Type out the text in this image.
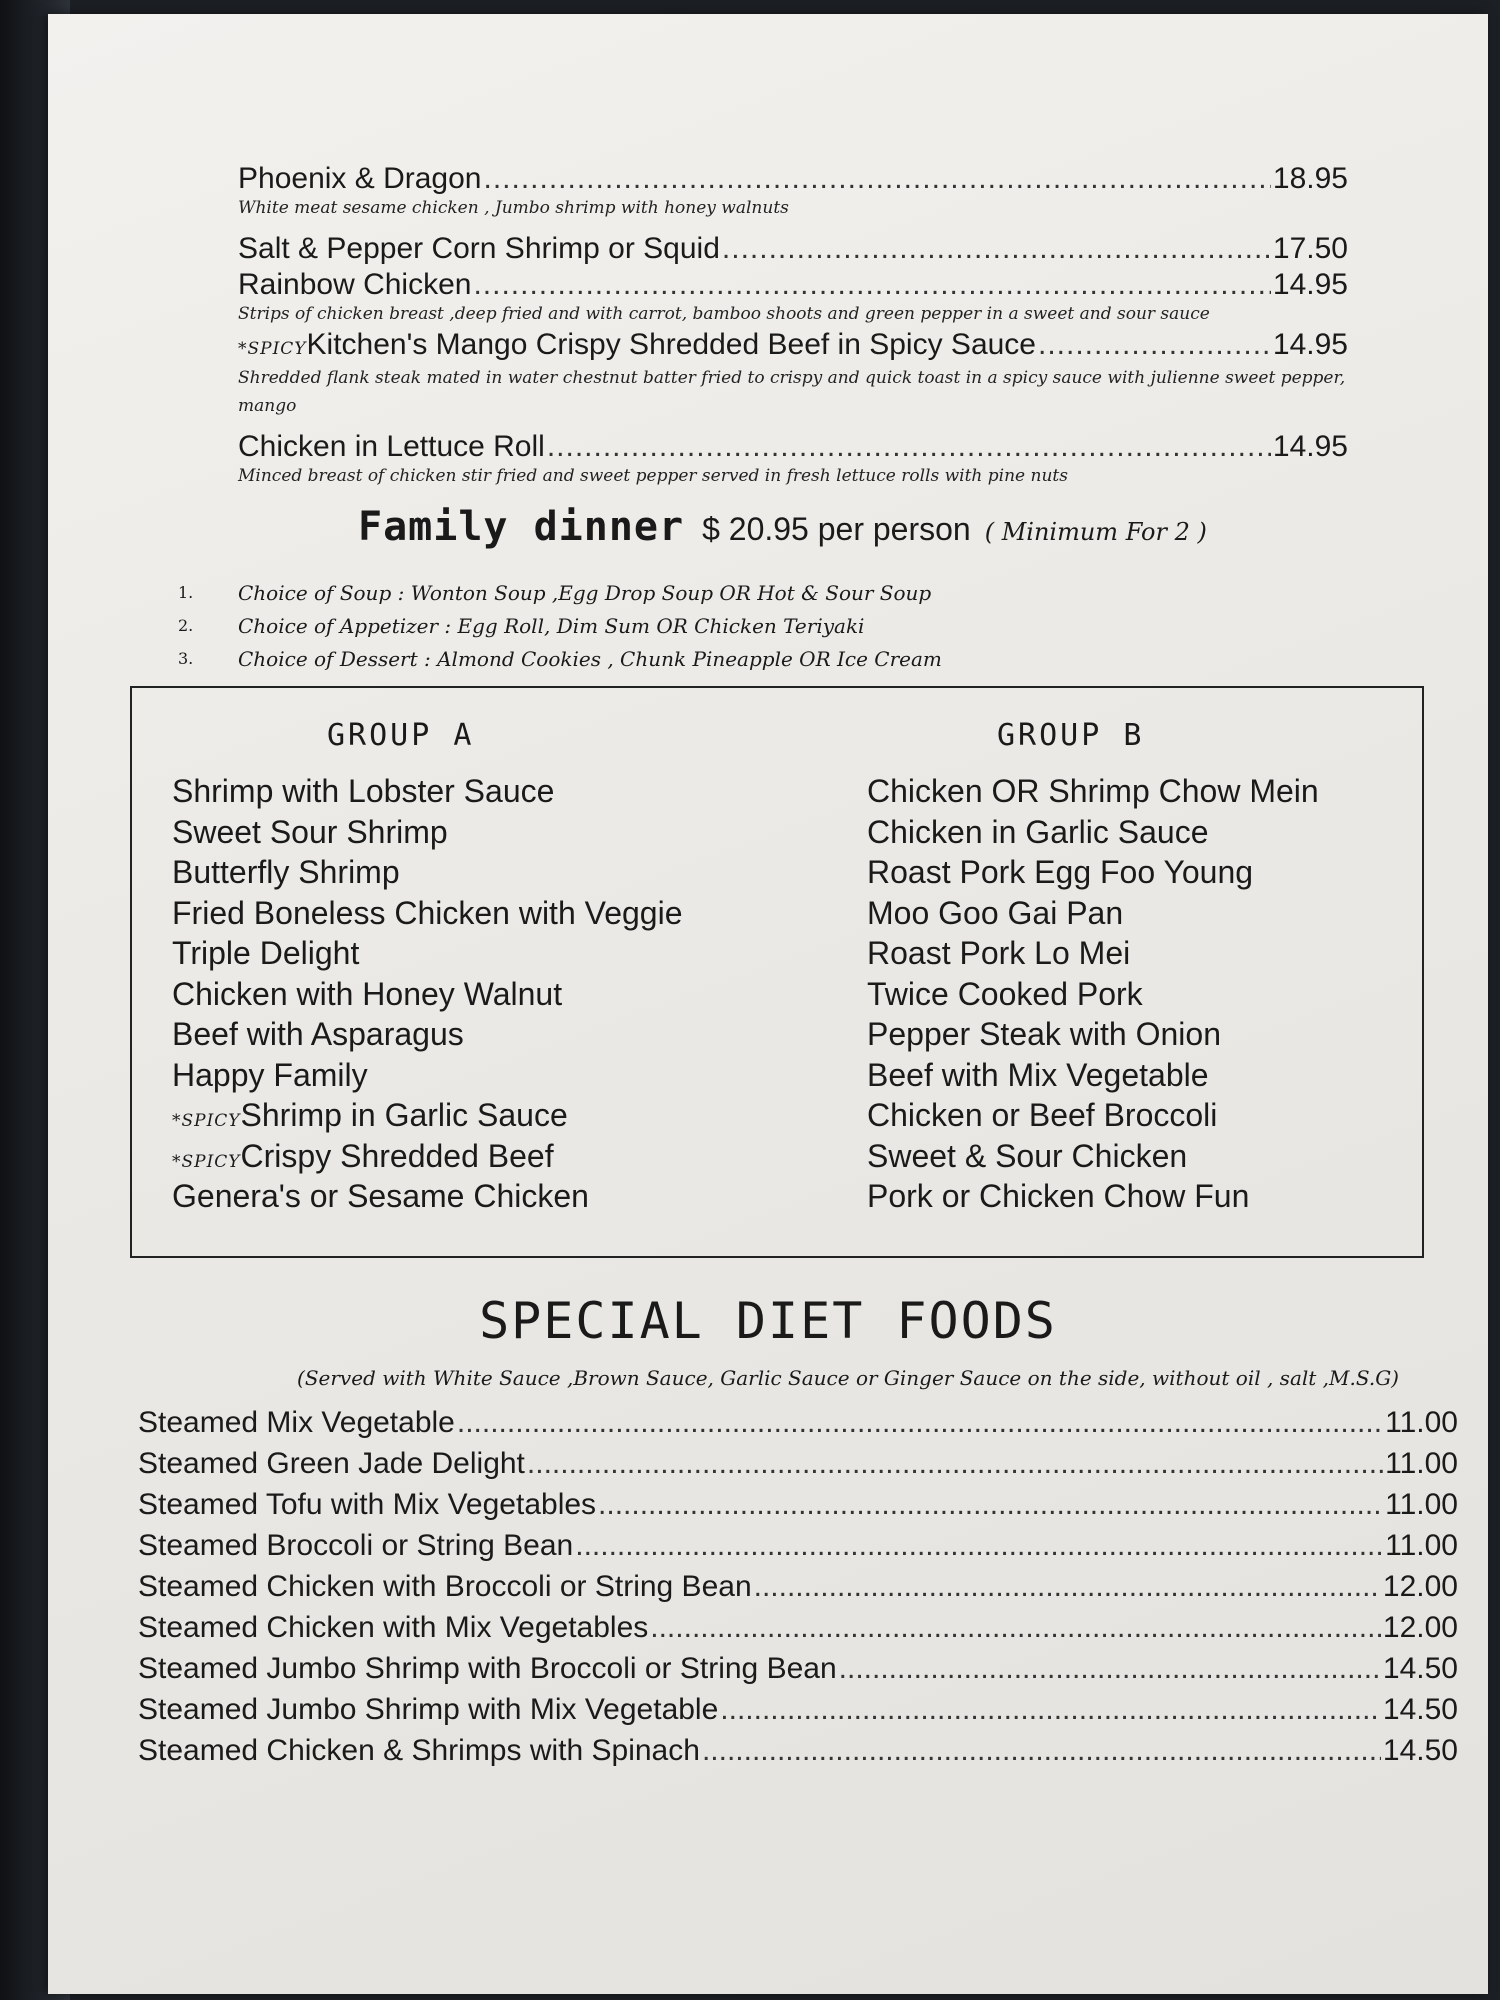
Phoenix & Dragon .....	18.95
White meat sesame chicken , Jumbo shrimp with honey walnuts
Salt & Pepper Corn Shrimp or Squid .....	17.50
Rainbow Chicken .....	14.95
Strips of chicken breast ,deep fried and with carrot, bamboo shoots and green pepper in a sweet and sour sauce
*SPICYKitchen's Mango Crispy Shredded Beef in Spicy Sauce .....	14.95
Shredded flank steak mated in water chestnut batter fried to crispy and quick toast in a spicy sauce with julienne sweet pepper, mango
Chicken in Lettuce Roll .....	14.95
Minced breast of chicken stir fried and sweet pepper served in fresh lettuce rolls with pine nuts
Family dinner $ 20.95 per person ( Minimum For 2 )
1.	Choice of Soup : Wonton Soup ,Egg Drop Soup OR Hot & Sour Soup
2.	Choice of Appetizer : Egg Roll, Dim Sum OR Chicken Teriyaki
3.	Choice of Dessert : Almond Cookies , Chunk Pineapple OR Ice Cream
GROUP A
Shrimp with Lobster Sauce
Sweet Sour Shrimp
Butterfly Shrimp
Fried Boneless Chicken with Veggie
Triple Delight
Chicken with Honey Walnut
Beef with Asparagus
Happy Family
*SPICYShrimp in Garlic Sauce
*SPICYCrispy Shredded Beef
Genera's or Sesame Chicken
GROUP B
Chicken OR Shrimp Chow Mein
Chicken in Garlic Sauce
Roast Pork Egg Foo Young
Moo Goo Gai Pan
Roast Pork Lo Mei
Twice Cooked Pork
Pepper Steak with Onion
Beef with Mix Vegetable
Chicken or Beef Broccoli
Sweet & Sour Chicken
Pork or Chicken Chow Fun
SPECIAL DIET FOODS
(Served with White Sauce ,Brown Sauce, Garlic Sauce or Ginger Sauce on the side, without oil , salt ,M.S.G)
Steamed Mix Vegetable .....	11.00
Steamed Green Jade Delight .....	11.00
Steamed Tofu with Mix Vegetables .....	11.00
Steamed Broccoli or String Bean .....	11.00
Steamed Chicken with Broccoli or String Bean .....	12.00
Steamed Chicken with Mix Vegetables .....	12.00
Steamed Jumbo Shrimp with Broccoli or String Bean .....	14.50
Steamed Jumbo Shrimp with Mix Vegetable .....	14.50
Steamed Chicken & Shrimps with Spinach .....	14.50
